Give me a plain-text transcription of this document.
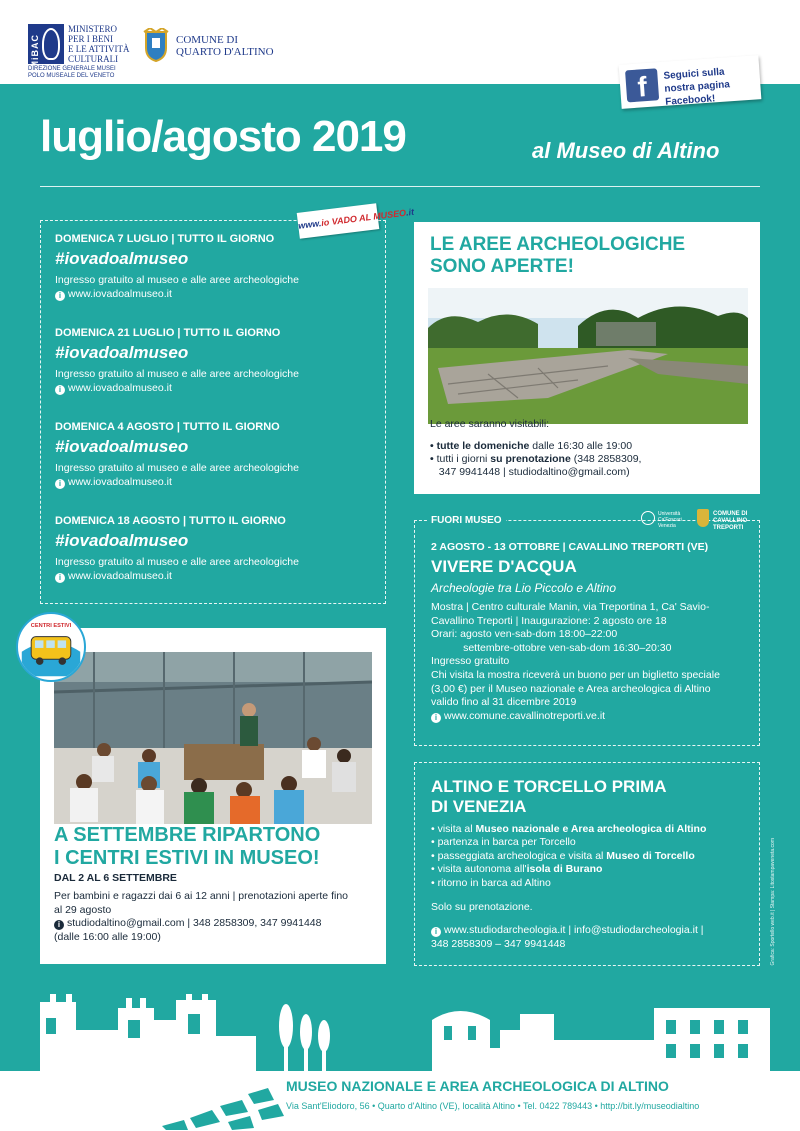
MiBAC
MINISTERO
PER I BENI
E LE ATTIVITÀ
CULTURALI
DIREZIONE GENERALE MUSEI
POLO MUSEALE DEL VENETO
COMUNE DI
QUARTO D'ALTINO
f	Seguici sulla nostra pagina Facebook!
luglio/agosto 2019	al Museo di Altino
DOMENICA 7 LUGLIO | TUTTO IL GIORNO
#iovadoalmuseo
Ingresso gratuito al museo e alle aree archeologiche
i www.iovadoalmuseo.it
DOMENICA 21 LUGLIO | TUTTO IL GIORNO
#iovadoalmuseo
Ingresso gratuito al museo e alle aree archeologiche
i www.iovadoalmuseo.it
DOMENICA 4 AGOSTO | TUTTO IL GIORNO
#iovadoalmuseo
Ingresso gratuito al museo e alle aree archeologiche
i www.iovadoalmuseo.it
DOMENICA 18 AGOSTO | TUTTO IL GIORNO
#iovadoalmuseo
Ingresso gratuito al museo e alle aree archeologiche
i www.iovadoalmuseo.it
www.io VADO AL MUSEO.it
LE AREE ARCHEOLOGICHE
SONO APERTE!
Le aree saranno visitabili:
• tutte le domeniche dalle 16:30 alle 19:00
• tutti i giorni su prenotazione (348 2858309,
347 9941448 | studiodaltino@gmail.com)
FUORI MUSEO
Università
Ca'Foscari
Venezia
COMUNE DI
CAVALLINO
TREPORTI
2 AGOSTO - 13 OTTOBRE | CAVALLINO TREPORTI (VE)
VIVERE D'ACQUA
Archeologie tra Lio Piccolo e Altino
Mostra | Centro culturale Manin, via Treportina 1, Ca' Savio-
Cavallino Treporti | Inaugurazione: 2 agosto ore 18
Orari: agosto ven-sab-dom 18:00–22:00
settembre-ottobre ven-sab-dom 16:30–20:30
Ingresso gratuito
Chi visita la mostra riceverà un buono per un biglietto speciale
(3,00 €) per il Museo nazionale e Area archeologica di Altino
valido fino al 31 dicembre 2019
i www.comune.cavallinotreporti.ve.it
ALTINO E TORCELLO PRIMA
DI VENEZIA
• visita al Museo nazionale e Area archeologica di Altino
• partenza in barca per Torcello
• passeggiata archeologica e visita al Museo di Torcello
• visita autonoma all'isola di Burano
• ritorno in barca ad Altino
Solo su prenotazione.
i www.studiodarcheologia.it | info@studiodarcheologia.it |
348 2858309 – 347 9941448
A SETTEMBRE RIPARTONO
I CENTRI ESTIVI IN MUSEO!
DAL 2 AL 6 SETTEMBRE
Per bambini e ragazzi dai 6 ai 12 anni | prenotazioni aperte fino
al 29 agosto
i studiodaltino@gmail.com | 348 2858309, 347 9941448
(dalle 16:00 alle 19:00)
CENTRI ESTIVI
MUSEO NAZIONALE E AREA ARCHEOLOGICA DI ALTINO
Via Sant'Eliodoro, 56 • Quarto d'Altino (VE), località Altino • Tel. 0422 789443 • http://bit.ly/museodialtino
Grafica: Sportello web.it | Stampa: Litostampaveneta.com
